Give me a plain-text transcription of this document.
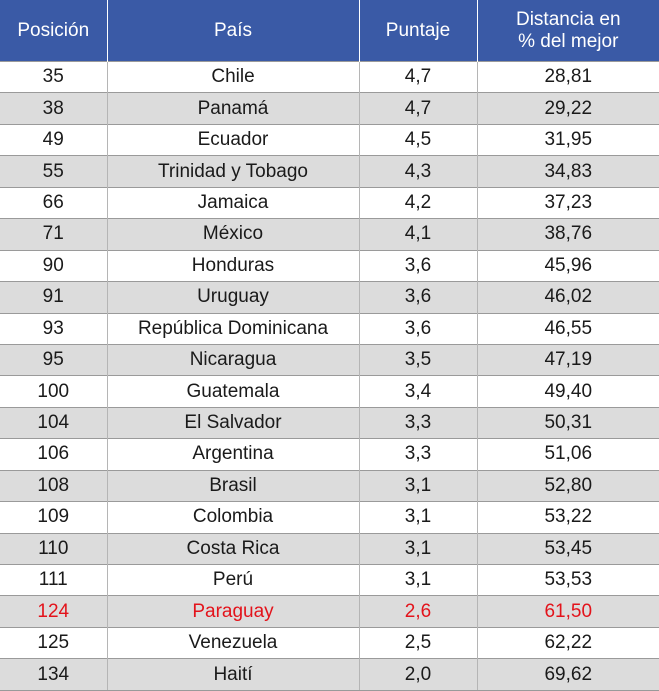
Posición	País	Puntaje	Distancia en
% del mejor
35	Chile	4,7	28,81
38	Panamá	4,7	29,22
49	Ecuador	4,5	31,95
55	Trinidad y Tobago	4,3	34,83
66	Jamaica	4,2	37,23
71	México	4,1	38,76
90	Honduras	3,6	45,96
91	Uruguay	3,6	46,02
93	República Dominicana	3,6	46,55
95	Nicaragua	3,5	47,19
100	Guatemala	3,4	49,40
104	El Salvador	3,3	50,31
106	Argentina	3,3	51,06
108	Brasil	3,1	52,80
109	Colombia	3,1	53,22
110	Costa Rica	3,1	53,45
111	Perú	3,1	53,53
124	Paraguay	2,6	61,50
125	Venezuela	2,5	62,22
134	Haití	2,0	69,62
